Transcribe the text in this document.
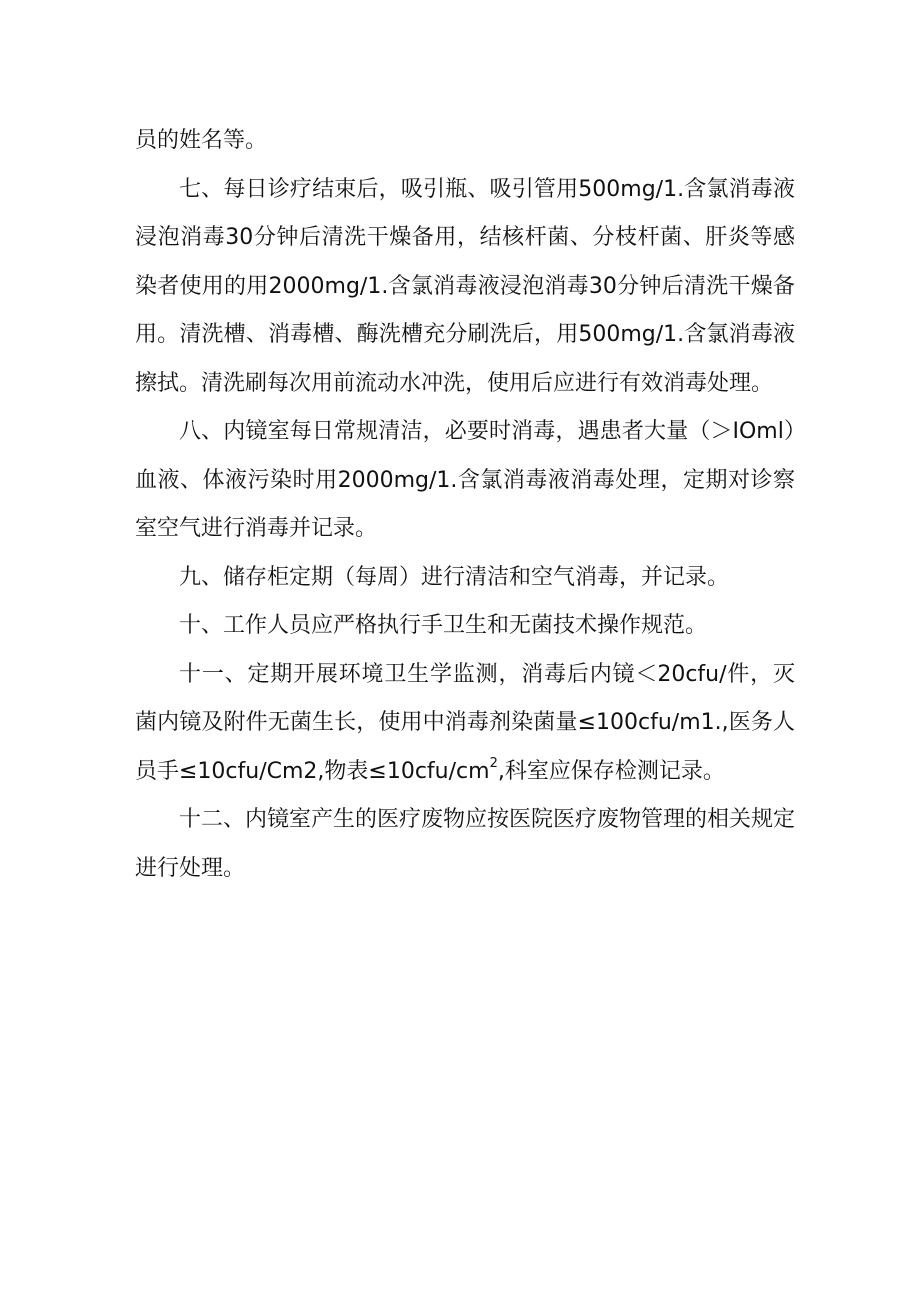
员的姓名等。

七、每日诊疗结束后，吸引瓶、吸引管用500mg∕1.含氯消毒液浸泡消毒30分钟后清洗干燥备用，结核杆菌、分枝杆菌、肝炎等感染者使用的用2000mg∕1.含氯消毒液浸泡消毒30分钟后清洗干燥备用。清洗槽、消毒槽、酶洗槽充分刷洗后，用500mg∕1.含氯消毒液擦拭。清洗刷每次用前流动水冲洗，使用后应进行有效消毒处理。

八、内镜室每日常规清洁，必要时消毒，遇患者大量（＞IOml）血液、体液污染时用2000mg∕1.含氯消毒液消毒处理，定期对诊察室空气进行消毒并记录。

九、储存柜定期（每周）进行清洁和空气消毒，并记录。

十、工作人员应严格执行手卫生和无菌技术操作规范。

十一、定期开展环境卫生学监测，消毒后内镜＜20cfu∕件，灭菌内镜及附件无菌生长，使用中消毒剂染菌量≤100cfu∕m1.,医务人员手≤10cfu∕Cm2,物表$\le 10cfu∕cm^2$,科室应保存检测记录。

十二、内镜室产生的医疗废物应按医院医疗废物管理的相关规定进行处理。
